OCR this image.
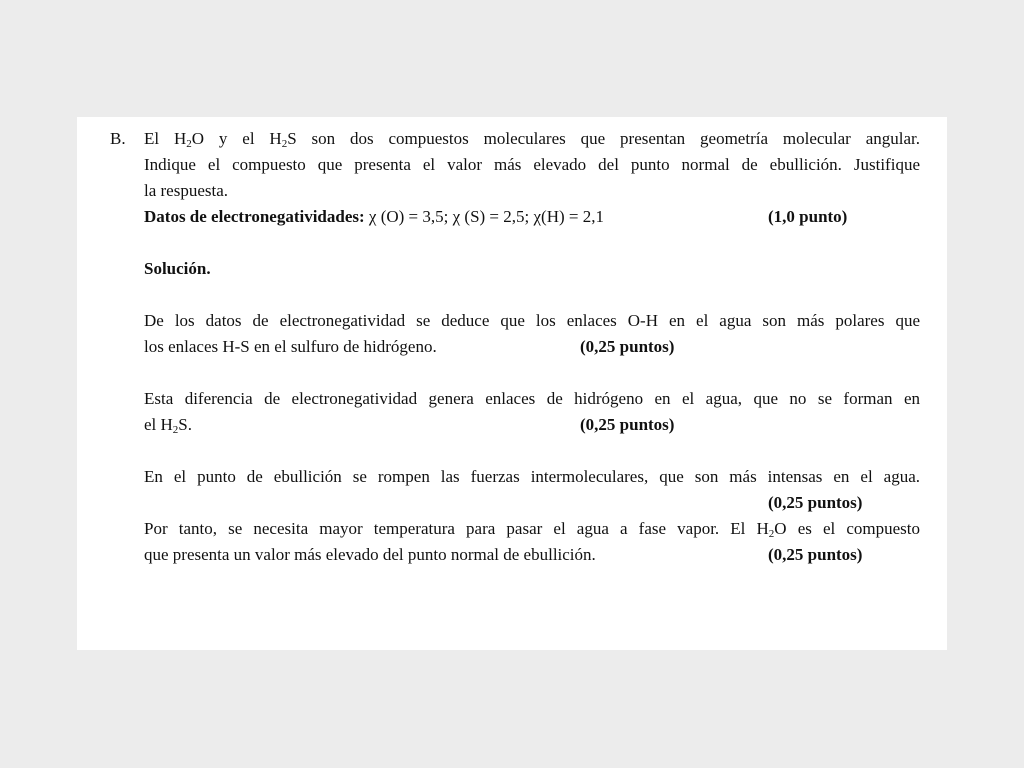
B. El $H_2O$ y el $H_2S$ son dos compuestos moleculares que presentan geometría molecular angular.
Indique el compuesto que presenta el valor más elevado del punto normal de ebullición. Justifique
la respuesta.
Datos de electronegatividades: χ (O) = 3,5; χ (S) = 2,5; χ(H) = 2,1	(1,0 punto)
Solución.
De los datos de electronegatividad se deduce que los enlaces O-H en el agua son más polares que
los enlaces H-S en el sulfuro de hidrógeno.	(0,25 puntos)
Esta diferencia de electronegatividad genera enlaces de hidrógeno en el agua, que no se forman en
el $H_2S$.	(0,25 puntos)
En el punto de ebullición se rompen las fuerzas intermoleculares, que son más intensas en el agua.
(0,25 puntos)
Por tanto, se necesita mayor temperatura para pasar el agua a fase vapor. El $H_2O$ es el compuesto
que presenta un valor más elevado del punto normal de ebullición.	(0,25 puntos)
